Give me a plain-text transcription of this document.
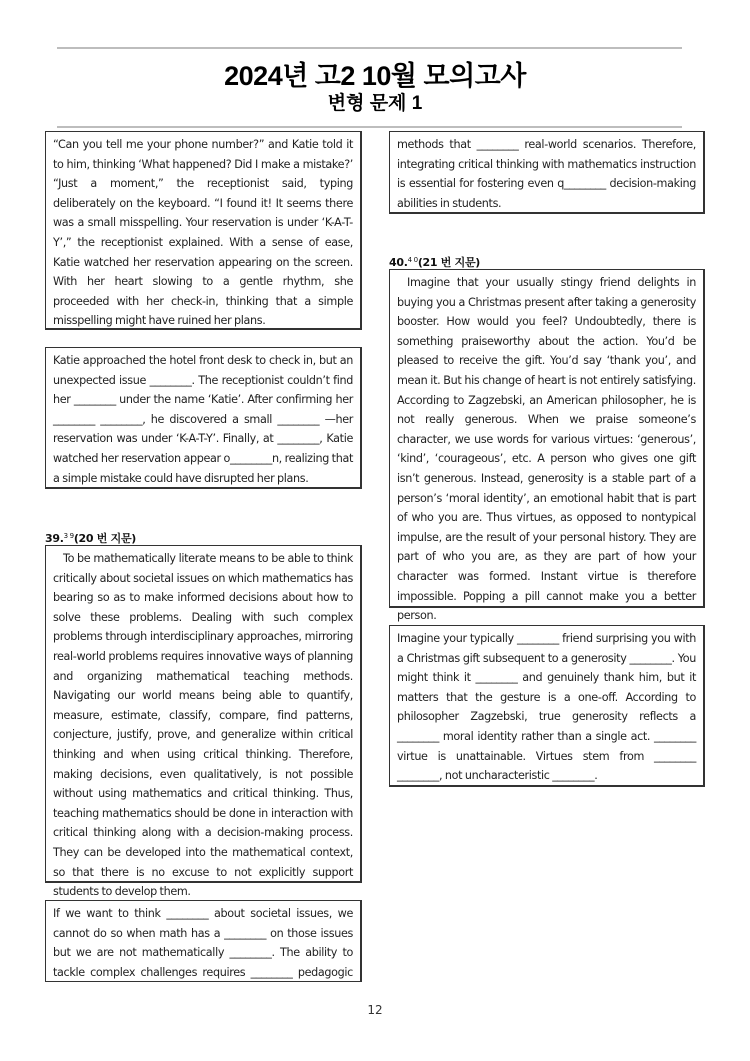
2024년 고2 10월 모의고사
변형 문제 1

“Can you tell me your phone number?” and Katie told it to him, thinking ‘What happened? Did I make a mistake?’ “Just a moment,” the receptionist said, typing deliberately on the keyboard. “I found it! It seems there was a small misspelling. Your reservation is under ‘K-A-T-Y’,” the receptionist explained. With a sense of ease, Katie watched her reservation appearing on the screen. With her heart slowing to a gentle rhythm, she proceeded with her check-in, thinking that a simple misspelling might have ruined her plans.

Katie approached the hotel front desk to check in, but an unexpected issue ________. The receptionist couldn’t find her ________ under the name ‘Katie’. After confirming her ________ ________, he discovered a small ________ —her reservation was under ‘K-A-T-Y’. Finally, at ________, Katie watched her reservation appear o________n, realizing that a simple mistake could have disrupted her plans.

39.$^{3 9}$(20 번 지문)

To be mathematically literate means to be able to think critically about societal issues on which mathematics has bearing so as to make informed decisions about how to solve these problems. Dealing with such complex problems through interdisciplinary approaches, mirroring real-world problems requires innovative ways of planning and organizing mathematical teaching methods. Navigating our world means being able to quantify, measure, estimate, classify, compare, find patterns, conjecture, justify, prove, and generalize within critical thinking and when using critical thinking. Therefore, making decisions, even qualitatively, is not possible without using mathematics and critical thinking. Thus, teaching mathematics should be done in interaction with critical thinking along with a decision-making process. They can be developed into the mathematical context, so that there is no excuse to not explicitly support students to develop them.

If we want to think ________ about societal issues, we cannot do so when math has a ________ on those issues but we are not mathematically ________. The ability to tackle complex challenges requires ________ pedagogic

methods that ________ real-world scenarios. Therefore, integrating critical thinking with mathematics instruction is essential for fostering even q________ decision-making abilities in students.

40.$^{4 0}$(21 번 지문)

Imagine that your usually stingy friend delights in buying you a Christmas present after taking a generosity booster. How would you feel? Undoubtedly, there is something praiseworthy about the action. You’d be pleased to receive the gift. You’d say ‘thank you’, and mean it. But his change of heart is not entirely satisfying. According to Zagzebski, an American philosopher, he is not really generous. When we praise someone’s character, we use words for various virtues: ‘generous’, ‘kind’, ‘courageous’, etc. A person who gives one gift isn’t generous. Instead, generosity is a stable part of a person’s ‘moral identity’, an emotional habit that is part of who you are. Thus virtues, as opposed to nontypical impulse, are the result of your personal history. They are part of who you are, as they are part of how your character was formed. Instant virtue is therefore impossible. Popping a pill cannot make you a better person.

Imagine your typically ________ friend surprising you with a Christmas gift subsequent to a generosity ________. You might think it ________ and genuinely thank him, but it matters that the gesture is a one-off. According to philosopher Zagzebski, true generosity reflects a ________ moral identity rather than a single act. ________ virtue is unattainable. Virtues stem from ________ ________, not uncharacteristic ________.

12
